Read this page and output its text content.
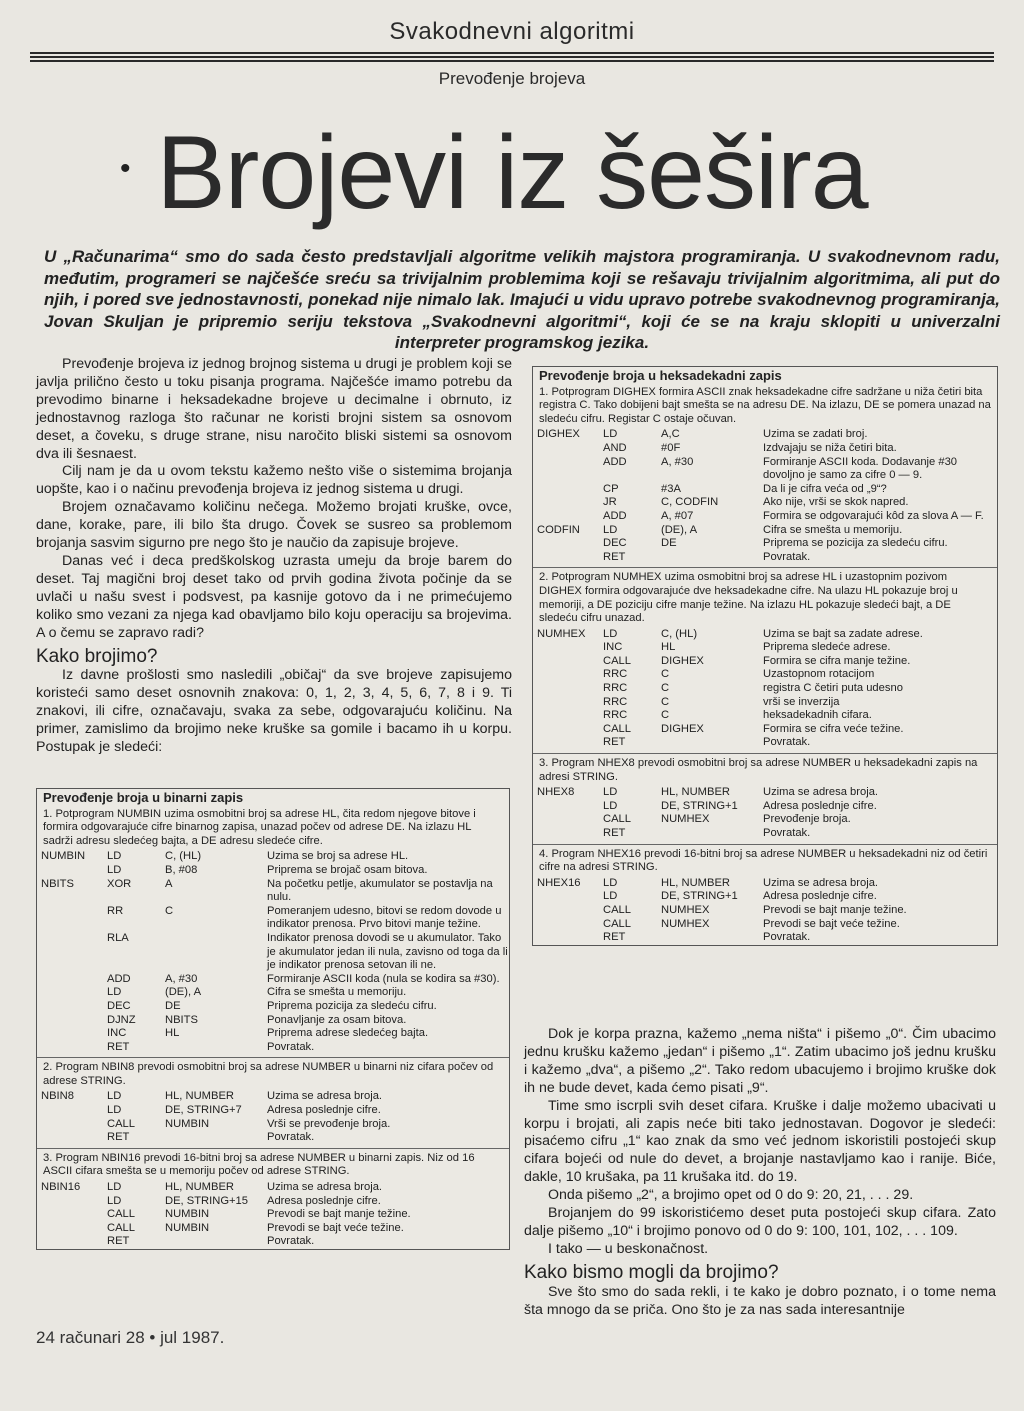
Svakodnevni algoritmi
Prevođenje brojeva
• Brojevi iz šešira
U „Računarima“ smo do sada često predstavljali algoritme velikih majstora programiranja. U svakodnevnom radu, međutim, programeri se najčešće sreću sa trivijalnim problemima koji se rešavaju trivijalnim algoritmima, ali put do njih, i pored sve jednostavnosti, ponekad nije nimalo lak. Imajući u vidu upravo potrebe svakodnevnog programiranja, Jovan Skuljan je pripremio seriju tekstova „Svakodnevni algoritmi“, koji će se na kraju sklopiti u univerzalni interpreter programskog jezika.

Prevođenje brojeva iz jednog brojnog sistema u drugi je problem koji se javlja prilično često u toku pisanja programa. Najčešće imamo potrebu da prevodimo binarne i heksadekadne brojeve u decimalne i obrnuto, iz jednostavnog razloga što računar ne koristi brojni sistem sa osnovom deset, a čoveku, s druge strane, nisu naročito bliski sistemi sa osnovom dva ili šesnaest.

Cilj nam je da u ovom tekstu kažemo nešto više o sistemima brojanja uopšte, kao i o načinu prevođenja brojeva iz jednog sistema u drugi.

Brojem označavamo količinu nečega. Možemo brojati kruške, ovce, dane, korake, pare, ili bilo šta drugo. Čovek se susreo sa problemom brojanja sasvim sigurno pre nego što je naučio da zapisuje brojeve.

Danas već i deca predškolskog uzrasta umeju da broje barem do deset. Taj magični broj deset tako od prvih godina života počinje da se uvlači u našu svest i podsvest, pa kasnije gotovo da i ne primećujemo koliko smo vezani za njega kad obavljamo bilo koju operaciju sa brojevima. A o čemu se zapravo radi?

Kako brojimo?

Iz davne prošlosti smo nasledili „običaj“ da sve brojeve zapisujemo koristeći samo deset osnovnih znakova: 0, 1, 2, 3, 4, 5, 6, 7, 8 i 9. Ti znakovi, ili cifre, označavaju, svaka za sebe, odgovarajuću količinu. Na primer, zamislimo da brojimo neke kruške sa gomile i bacamo ih u korpu. Postupak je sledeći:

Prevođenje broja u heksadekadni zapis
1. Potprogram DIGHEX formira ASCII znak heksadekadne cifre sadržane u niža četiri bita registra C. Tako dobijeni bajt smešta se na adresu DE. Na izlazu, DE se pomera unazad na sledeću cifru. Registar C ostaje očuvan.
DIGHEX	LD	A,C	Uzima se zadati broj.
	AND	#0F	Izdvajaju se niža četiri bita.
	ADD	A, #30	Formiranje ASCII koda. Dodavanje #30 dovoljno je samo za cifre 0 — 9.
	CP	#3A	Da li je cifra veća od „9“?
	JR	C, CODFIN	Ako nije, vrši se skok napred.
	ADD	A, #07	Formira se odgovarajući kôd za slova A — F.
CODFIN	LD	(DE), A	Cifra se smešta u memoriju.
	DEC	DE	Priprema se pozicija za sledeću cifru.
	RET		Povratak.
2. Potprogram NUMHEX uzima osmobitni broj sa adrese HL i uzastopnim pozivom DIGHEX formira odgovarajuće dve heksadekadne cifre. Na ulazu HL pokazuje broj u memoriji, a DE poziciju cifre manje težine. Na izlazu HL pokazuje sledeći bajt, a DE sledeću cifru unazad.
NUMHEX	LD	C, (HL)	Uzima se bajt sa zadate adrese.
	INC	HL	Priprema sledeće adrese.
	CALL	DIGHEX	Formira se cifra manje težine.
	RRC	C	Uzastopnom rotacijom
	RRC	C	registra C četiri puta udesno
	RRC	C	vrši se inverzija
	RRC	C	heksadekadnih cifara.
	CALL	DIGHEX	Formira se cifra veće težine.
	RET		Povratak.
3. Program NHEX8 prevodi osmobitni broj sa adrese NUMBER u heksadekadni zapis na adresi STRING.
NHEX8	LD	HL, NUMBER	Uzima se adresa broja.
	LD	DE, STRING+1	Adresa poslednje cifre.
	CALL	NUMHEX	Prevođenje broja.
	RET		Povratak.
4. Program NHEX16 prevodi 16-bitni broj sa adrese NUMBER u heksadekadni niz od četiri cifre na adresi STRING.
NHEX16	LD	HL, NUMBER	Uzima se adresa broja.
	LD	DE, STRING+1	Adresa poslednje cifre.
	CALL	NUMHEX	Prevodi se bajt manje težine.
	CALL	NUMHEX	Prevodi se bajt veće težine.
	RET		Povratak.
Prevođenje broja u binarni zapis
1. Potprogram NUMBIN uzima osmobitni broj sa adrese HL, čita redom njegove bitove i formira odgovarajuće cifre binarnog zapisa, unazad počev od adrese DE. Na izlazu HL sadrži adresu sledećeg bajta, a DE adresu sledeće cifre.
NUMBIN	LD	C, (HL)	Uzima se broj sa adrese HL.
	LD	B, #08	Priprema se brojač osam bitova.
NBITS	XOR	A	Na početku petlje, akumulator se postavlja na nulu.
	RR	C	Pomeranjem udesno, bitovi se redom dovode u indikator prenosa. Prvo bitovi manje težine.
	RLA		Indikator prenosa dovodi se u akumulator. Tako je akumulator jedan ili nula, zavisno od toga da li je indikator prenosa setovan ili ne.
	ADD	A, #30	Formiranje ASCII koda (nula se kodira sa #30).
	LD	(DE), A	Cifra se smešta u memoriju.
	DEC	DE	Priprema pozicija za sledeću cifru.
	DJNZ	NBITS	Ponavljanje za osam bitova.
	INC	HL	Pripremа adrese sledećeg bajta.
	RET		Povratak.
2. Program NBIN8 prevodi osmobitni broj sa adrese NUMBER u binarni niz cifara počev od adrese STRING.
NBIN8	LD	HL, NUMBER	Uzima se adresa broja.
	LD	DE, STRING+7	Adresa poslednje cifre.
	CALL	NUMBIN	Vrši se prevođenje broja.
	RET		Povratak.
3. Program NBIN16 prevodi 16-bitni broj sa adrese NUMBER u binarni zapis. Niz od 16 ASCII cifara smešta se u memoriju počev od adrese STRING.
NBIN16	LD	HL, NUMBER	Uzima se adresa broja.
	LD	DE, STRING+15	Adresa poslednje cifre.
	CALL	NUMBIN	Prevodi se bajt manje težine.
	CALL	NUMBIN	Prevodi se bajt veće težine.
	RET		Povratak.

Dok je korpa prazna, kažemo „nema ništa“ i pišemo „0“. Čim ubacimo jednu krušku kažemo „jedan“ i pišemo „1“. Zatim ubacimo još jednu krušku i kažemo „dva“, a pišemo „2“. Tako redom ubacujemo i brojimo kruške dok ih ne bude devet, kada ćemo pisati „9“.

Time smo iscrpli svih deset cifara. Kruške i dalje možemo ubacivati u korpu i brojati, ali zapis neće biti tako jednostavan. Dogovor je sledeći: pisaćemo cifru „1“ kao znak da smo već jednom iskoristili postojeći skup cifara bojeći od nule do devet, a brojanje nastavljamo kao i ranije. Biće, dakle, 10 krušaka, pa 11 krušaka itd. do 19.

Onda pišemo „2“, a brojimo opet od 0 do 9: 20, 21, . . . 29.

Brojanjem do 99 iskoristićemo deset puta postojeći skup cifara. Zato dalje pišemo „10“ i brojimo ponovo od 0 do 9: 100, 101, 102, . . . 109.

I tako — u beskonačnost.

Kako bismo mogli da brojimo?

Sve što smo do sada rekli, i te kako je dobro poznato, i o tome nema šta mnogo da se priča. Ono što je za nas sada interesantnije

24 računari 28 • jul 1987.
